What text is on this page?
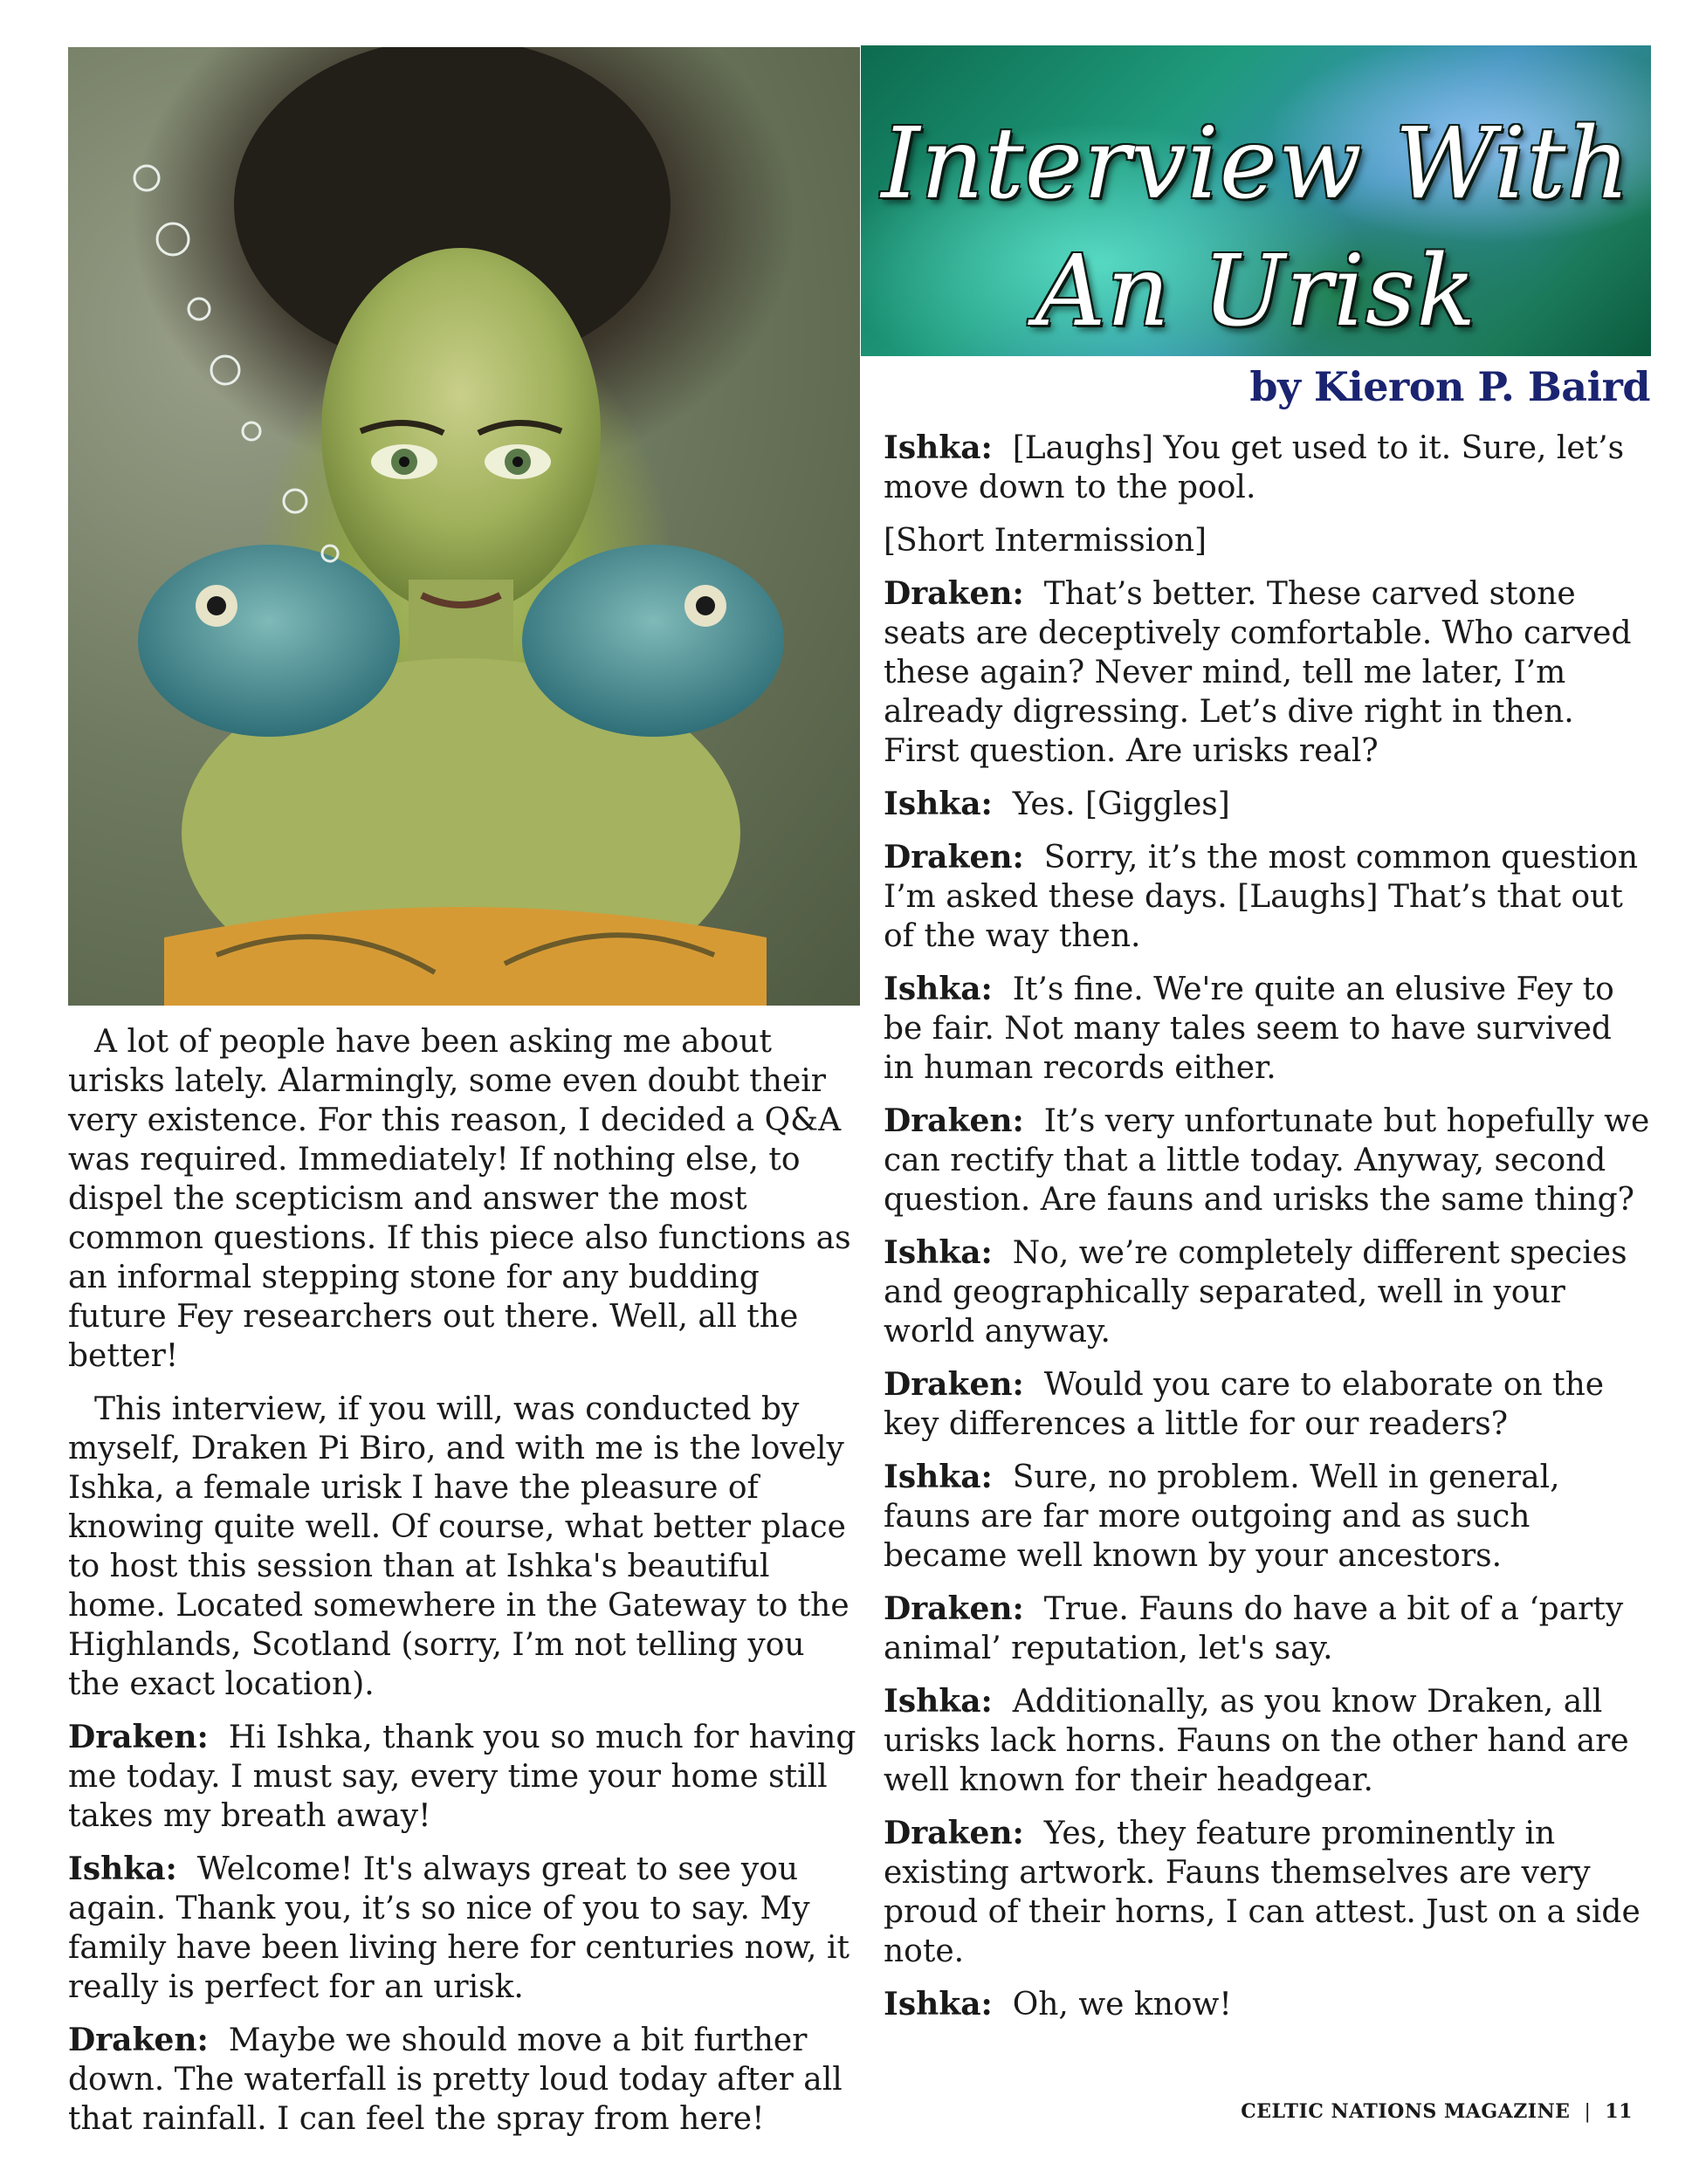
Interview With
An Urisk
by Kieron P. Baird

A lot of people have been asking me about urisks lately. Alarmingly, some even doubt their very existence. For this reason, I decided a Q&A was required. Immediately! If nothing else, to dispel the scepticism and answer the most common questions. If this piece also functions as an informal stepping stone for any budding future Fey researchers out there. Well, all the better!

This interview, if you will, was conducted by myself, Draken Pi Biro, and with me is the lovely Ishka, a female urisk I have the pleasure of knowing quite well. Of course, what better place to host this session than at Ishka's beautiful home. Located somewhere in the Gateway to the Highlands, Scotland (sorry, I’m not telling you the exact location).

Draken: Hi Ishka, thank you so much for having me today. I must say, every time your home still takes my breath away!

Ishka: Welcome! It's always great to see you again. Thank you, it’s so nice of you to say. My family have been living here for centuries now, it really is perfect for an urisk.

Draken: Maybe we should move a bit further down. The waterfall is pretty loud today after all that rainfall. I can feel the spray from here!

Ishka: [Laughs] You get used to it. Sure, let’s move down to the pool.

[Short Intermission]

Draken: That’s better. These carved stone seats are deceptively comfortable. Who carved these again? Never mind, tell me later, I’m already digressing. Let’s dive right in then. First question. Are urisks real?

Ishka: Yes. [Giggles]

Draken: Sorry, it’s the most common question I’m asked these days. [Laughs] That’s that out of the way then.

Ishka: It’s fine. We're quite an elusive Fey to be fair. Not many tales seem to have survived in human records either.

Draken: It’s very unfortunate but hopefully we can rectify that a little today. Anyway, second question. Are fauns and urisks the same thing?

Ishka: No, we’re completely different species and geographically separated, well in your world anyway.

Draken: Would you care to elaborate on the key differences a little for our readers?

Ishka: Sure, no problem. Well in general, fauns are far more outgoing and as such became well known by your ancestors.

Draken: True. Fauns do have a bit of a ‘party animal’ reputation, let's say.

Ishka: Additionally, as you know Draken, all urisks lack horns. Fauns on the other hand are well known for their headgear.

Draken: Yes, they feature prominently in existing artwork. Fauns themselves are very proud of their horns, I can attest. Just on a side note.

Ishka: Oh, we know!

CELTIC NATIONS MAGAZINE | 11
